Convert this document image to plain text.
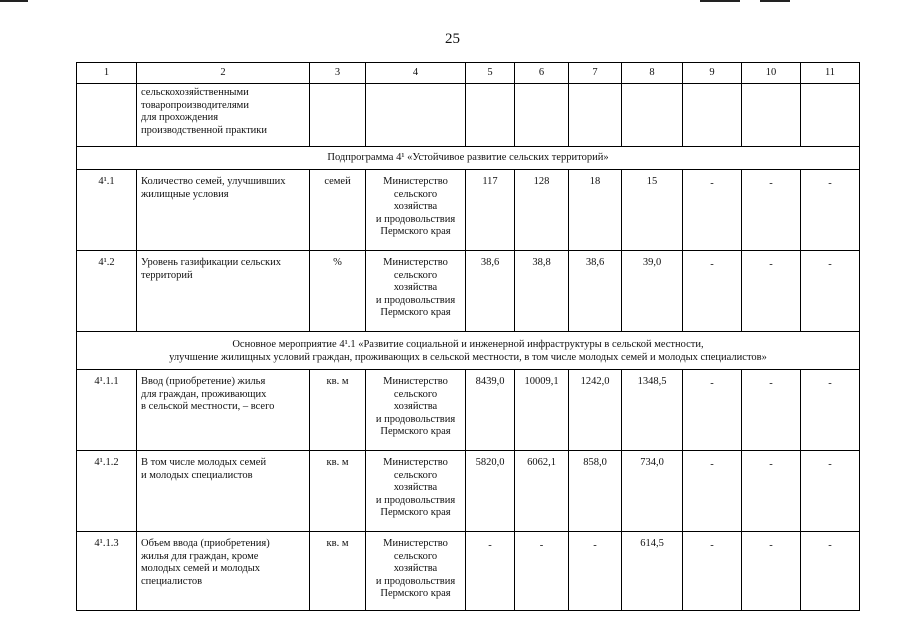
25
1	2	3	4	5	6	7	8	9	10	11
	сельскохозяйственными
товаропроизводителями
для прохождения
производственной практики									
Подпрограмма 4¹ «Устойчивое развитие сельских территорий»										
4¹.1	Количество семей, улучшивших
жилищные условия	семей	Министерство
сельского
хозяйства
и продовольствия
Пермского края	117	128	18	15	-	-	-
4¹.2	Уровень газификации сельских
территорий	%	Министерство
сельского
хозяйства
и продовольствия
Пермского края	38,6	38,8	38,6	39,0	-	-	-
Основное мероприятие 4¹.1 «Развитие социальной и инженерной инфраструктуры в сельской местности,
улучшение жилищных условий граждан, проживающих в сельской местности, в том числе молодых семей и молодых специалистов»										
4¹.1.1	Ввод (приобретение) жилья
для граждан, проживающих
в сельской местности, – всего	кв. м	Министерство
сельского
хозяйства
и продовольствия
Пермского края	8439,0	10009,1	1242,0	1348,5	-	-	-
4¹.1.2	В том числе молодых семей
и молодых специалистов	кв. м	Министерство
сельского
хозяйства
и продовольствия
Пермского края	5820,0	6062,1	858,0	734,0	-	-	-
4¹.1.3	Объем ввода (приобретения)
жилья для граждан, кроме
молодых семей и молодых
специалистов	кв. м	Министерство
сельского
хозяйства
и продовольствия
Пермского края	-	-	-	614,5	-	-	-
